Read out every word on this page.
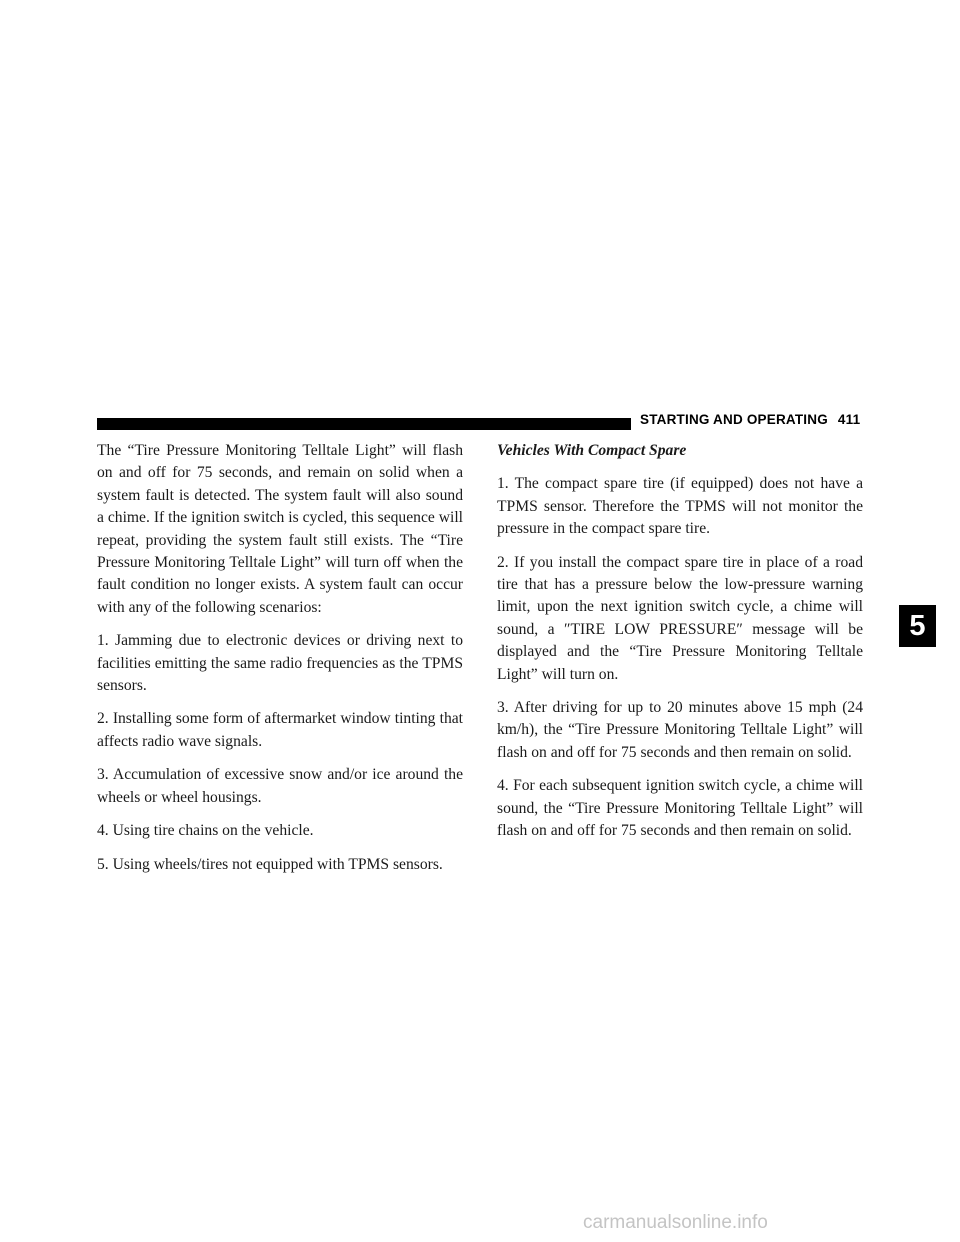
STARTING AND OPERATING 411

The “Tire Pressure Monitoring Telltale Light” will flash on and off for 75 seconds, and remain on solid when a system fault is detected. The system fault will also sound a chime. If the ignition switch is cycled, this sequence will repeat, providing the system fault still exists. The “Tire Pressure Monitoring Telltale Light” will turn off when the fault condition no longer exists. A system fault can occur with any of the following scenarios:

1. Jamming due to electronic devices or driving next to facilities emitting the same radio frequencies as the TPMS sensors.

2. Installing some form of aftermarket window tinting that affects radio wave signals.

3. Accumulation of excessive snow and/or ice around the wheels or wheel housings.

4. Using tire chains on the vehicle.

5. Using wheels/tires not equipped with TPMS sensors.

Vehicles With Compact Spare

1. The compact spare tire (if equipped) does not have a TPMS sensor. Therefore the TPMS will not monitor the pressure in the compact spare tire.

2. If you install the compact spare tire in place of a road tire that has a pressure below the low-pressure warning limit, upon the next ignition switch cycle, a chime will sound, a ″TIRE LOW PRESSURE″ message will be displayed and the “Tire Pressure Monitoring Telltale Light” will turn on.

3. After driving for up to 20 minutes above 15 mph (24 km/h), the “Tire Pressure Monitoring Telltale Light” will flash on and off for 75 seconds and then remain on solid.

4. For each subsequent ignition switch cycle, a chime will sound, the “Tire Pressure Monitoring Telltale Light” will flash on and off for 75 seconds and then remain on solid.

5
carmanualsonline.info
